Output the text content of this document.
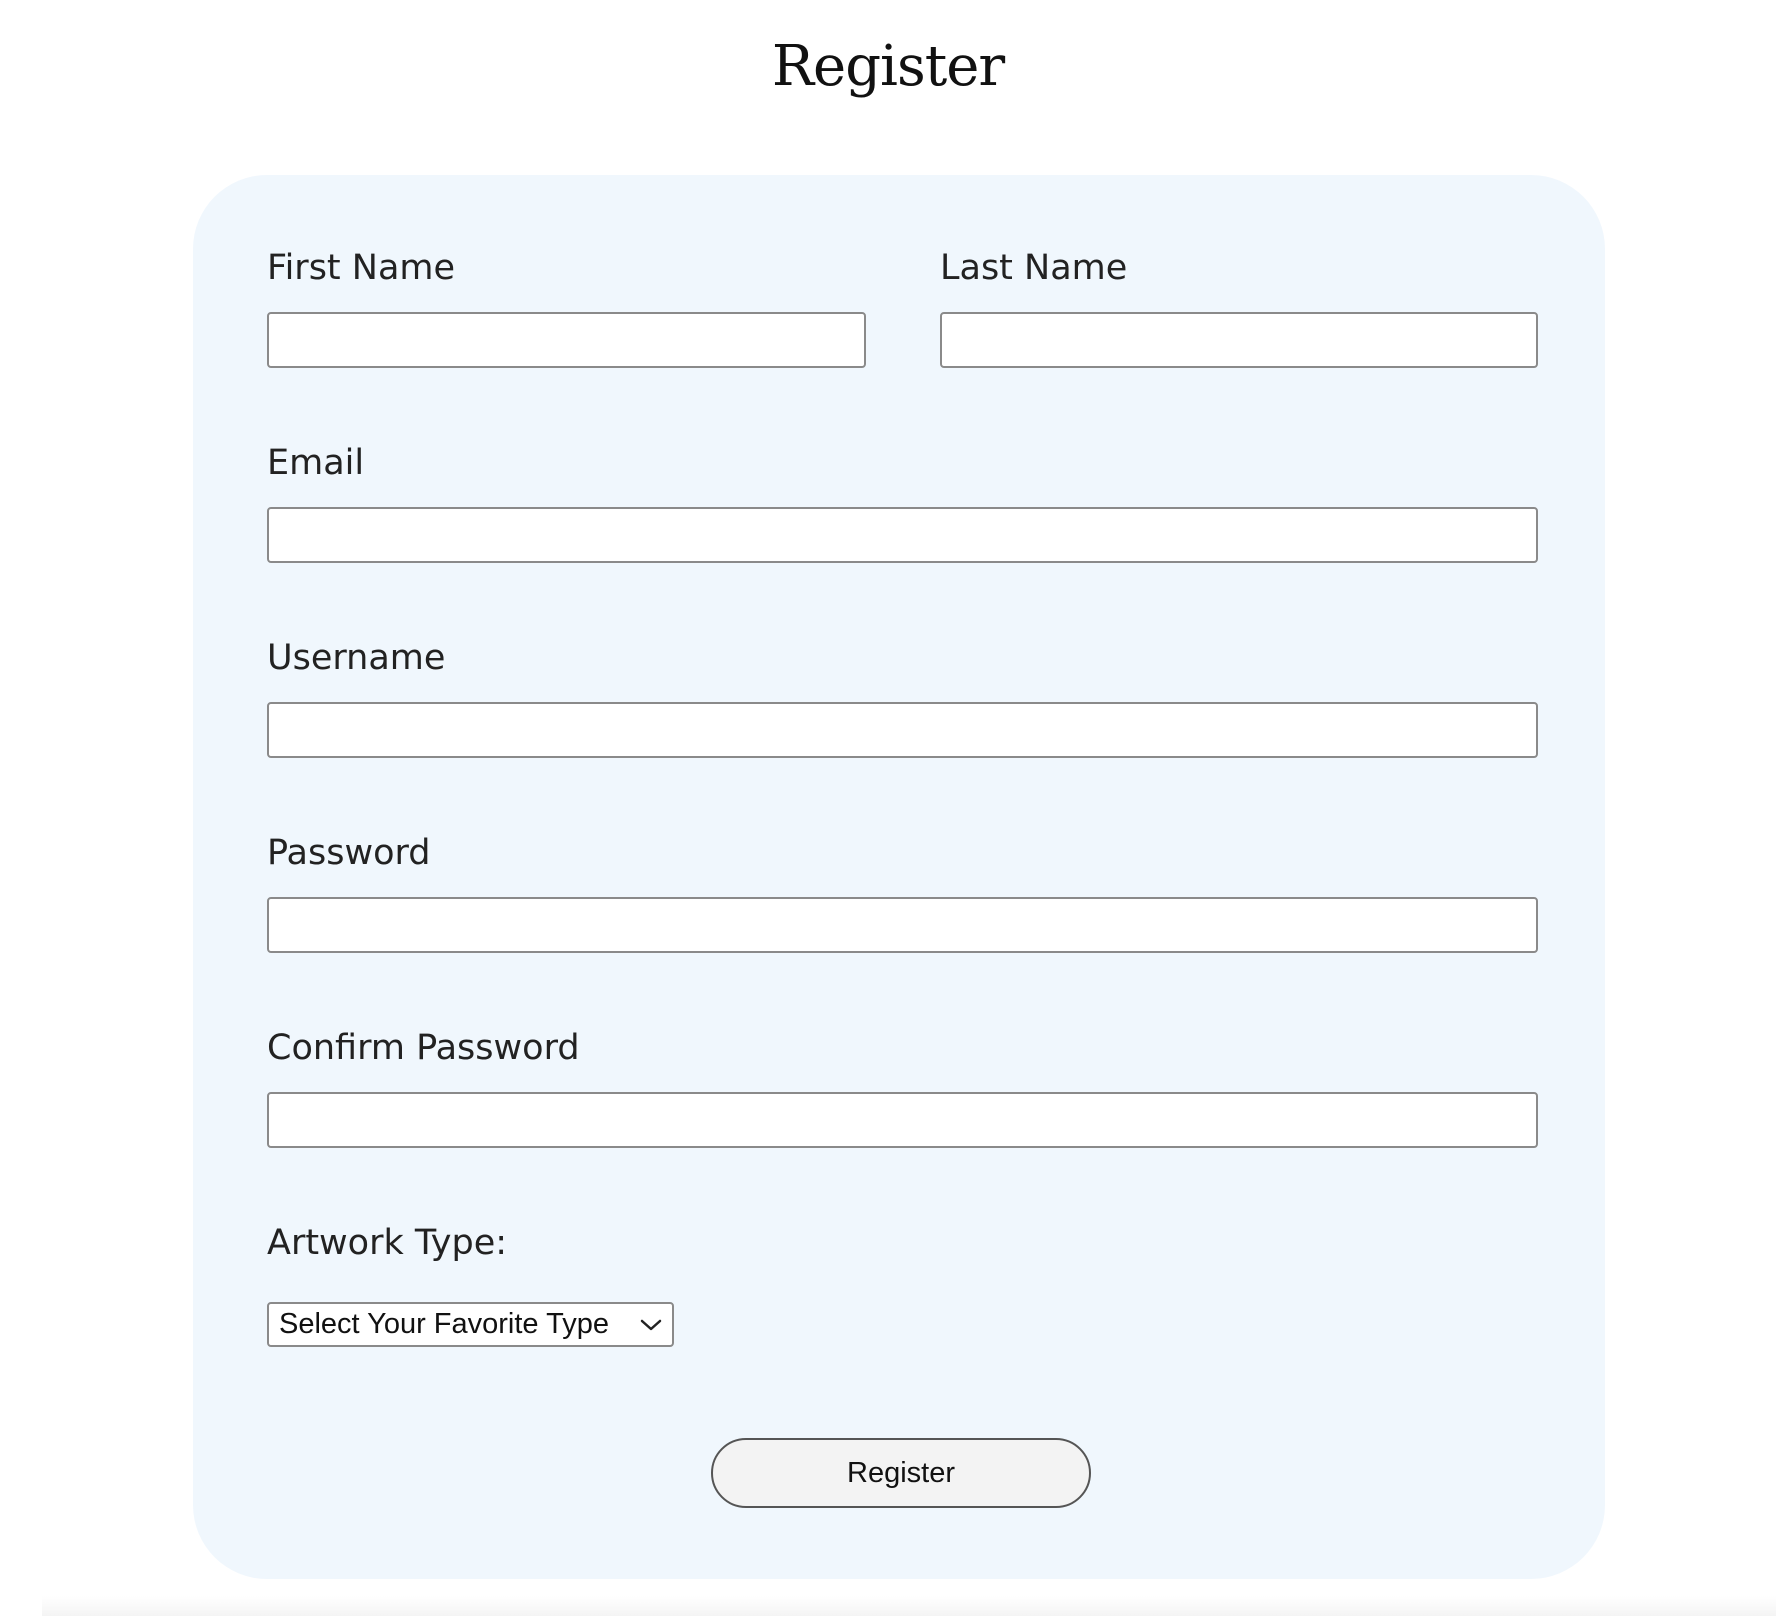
Register
First Name	Last Name
Email
Username
Password
Confirm Password
Artwork Type:
Select Your Favorite Type
Register
